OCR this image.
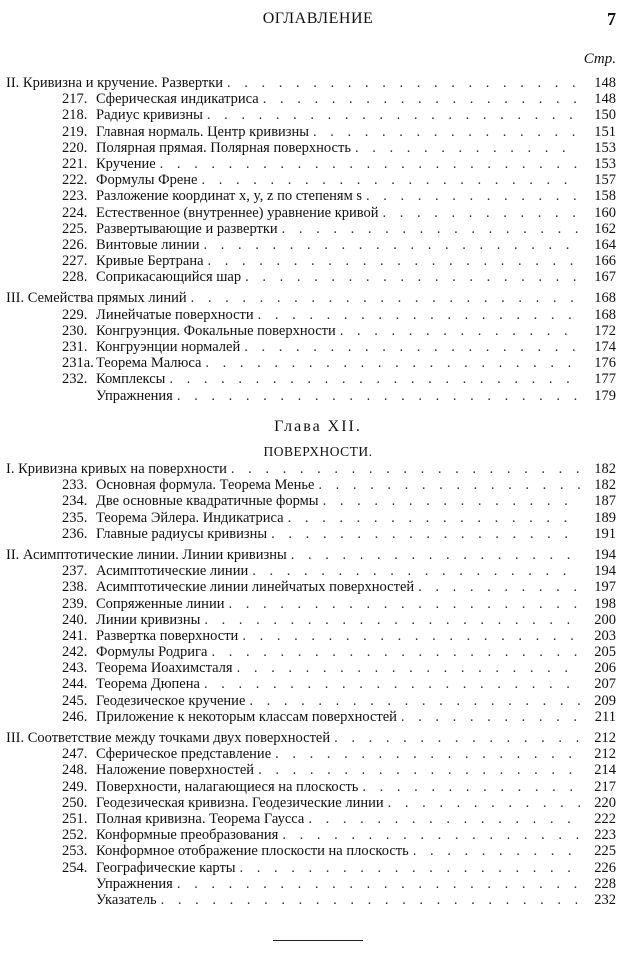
ОГЛАВЛЕНИЕ	7
Стр.
II. Кривизна и кручение. Развертки . . .	148
217. Сферическая индикатриса . . .	148
218. Радиус кривизны . . .	150
219. Главная нормаль. Центр кривизны . . .	151
220. Полярная прямая. Полярная поверхность . . .	153
221. Кручение . . .	153
222. Формулы Френе . . .	157
223. Разложение координат x, y, z по степеням s . . .	158
224. Естественное (внутреннее) уравнение кривой . . .	160
225. Развертывающие и развертки . . .	162
226. Винтовые линии . . .	164
227. Кривые Бертрана . . .	166
228. Соприкасающийся шар . . .	167
III. Семейства прямых линий . . .	168
229. Линейчатые поверхности . . .	168
230. Конгруэнция. Фокальные поверхности . . .	172
231. Конгруэнции нормалей . . .	174
231а. Теорема Малюса . . .	176
232. Комплексы . . .	177
Упражнения . . .	179
Глава XII.
ПОВЕРХНОСТИ.
I. Кривизна кривых на поверхности . . .	182
233. Основная формула. Теорема Менье . . .	182
234. Две основные квадратичные формы . . .	187
235. Теорема Эйлера. Индикатриса . . .	189
236. Главные радиусы кривизны . . .	191
II. Асимптотические линии. Линии кривизны . . .	194
237. Асимптотические линии . . .	194
238. Асимптотические линии линейчатых поверхностей . . .	197
239. Сопряженные линии . . .	198
240. Линии кривизны . . .	200
241. Развертка поверхности . . .	203
242. Формулы Родрига . . .	205
243. Теорема Иоахимсталя . . .	206
244. Теорема Дюпена . . .	207
245. Геодезическое кручение . . .	209
246. Приложение к некоторым классам поверхностей . . .	211
III. Соответствие между точками двух поверхностей . . .	212
247. Сферическое представление . . .	212
248. Наложение поверхностей . . .	214
249. Поверхности, налагающиеся на плоскость . . .	217
250. Геодезическая кривизна. Геодезические линии . . .	220
251. Полная кривизна. Теорема Гаусса . . .	222
252. Конформные преобразования . . .	223
253. Конформное отображение плоскости на плоскость . . .	225
254. Географические карты . . .	226
Упражнения . . .	228
Указатель . . .	232
